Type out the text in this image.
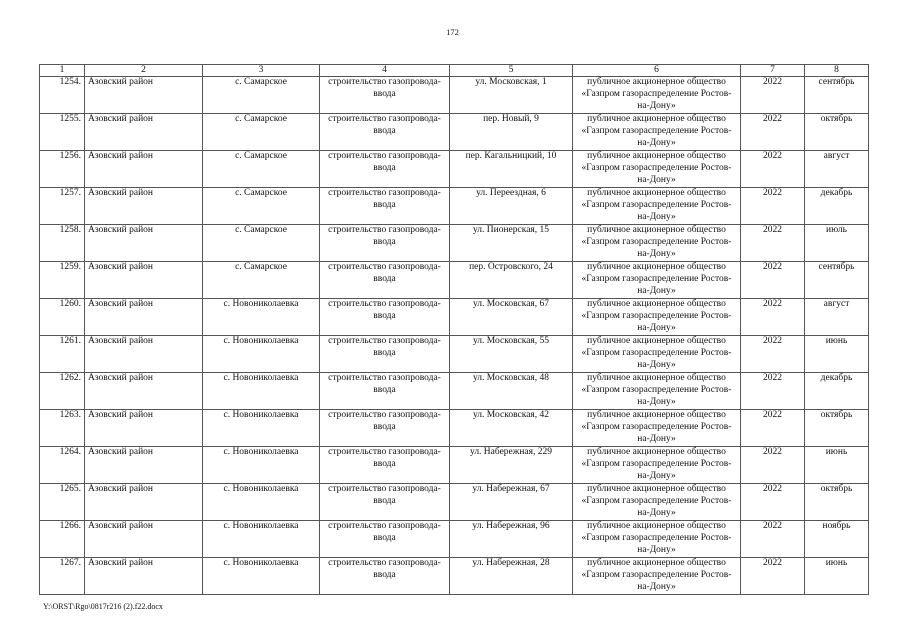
172
1	2	3	4	5	6	7	8
1254.	Азовский район	с. Самарское	строительство газопровода-ввода	ул. Московская, 1	публичное акционерное общество «Газпром газораспределение Ростов-на-Дону»	2022	сентябрь
1255.	Азовский район	с. Самарское	строительство газопровода-ввода	пер. Новый, 9	публичное акционерное общество «Газпром газораспределение Ростов-на-Дону»	2022	октябрь
1256.	Азовский район	с. Самарское	строительство газопровода-ввода	пер. Кагальницкий, 10	публичное акционерное общество «Газпром газораспределение Ростов-на-Дону»	2022	август
1257.	Азовский район	с. Самарское	строительство газопровода-ввода	ул. Переездная, 6	публичное акционерное общество «Газпром газораспределение Ростов-на-Дону»	2022	декабрь
1258.	Азовский район	с. Самарское	строительство газопровода-ввода	ул. Пионерская, 15	публичное акционерное общество «Газпром газораспределение Ростов-на-Дону»	2022	июль
1259.	Азовский район	с. Самарское	строительство газопровода-ввода	пер. Островского, 24	публичное акционерное общество «Газпром газораспределение Ростов-на-Дону»	2022	сентябрь
1260.	Азовский район	с. Новониколаевка	строительство газопровода-ввода	ул. Московская, 67	публичное акционерное общество «Газпром газораспределение Ростов-на-Дону»	2022	август
1261.	Азовский район	с. Новониколаевка	строительство газопровода-ввода	ул. Московская, 55	публичное акционерное общество «Газпром газораспределение Ростов-на-Дону»	2022	июнь
1262.	Азовский район	с. Новониколаевка	строительство газопровода-ввода	ул. Московская, 48	публичное акционерное общество «Газпром газораспределение Ростов-на-Дону»	2022	декабрь
1263.	Азовский район	с. Новониколаевка	строительство газопровода-ввода	ул. Московская, 42	публичное акционерное общество «Газпром газораспределение Ростов-на-Дону»	2022	октябрь
1264.	Азовский район	с. Новониколаевка	строительство газопровода-ввода	ул. Набережная, 229	публичное акционерное общество «Газпром газораспределение Ростов-на-Дону»	2022	июнь
1265.	Азовский район	с. Новониколаевка	строительство газопровода-ввода	ул. Набережная, 67	публичное акционерное общество «Газпром газораспределение Ростов-на-Дону»	2022	октябрь
1266.	Азовский район	с. Новониколаевка	строительство газопровода-ввода	ул. Набережная, 96	публичное акционерное общество «Газпром газораспределение Ростов-на-Дону»	2022	ноябрь
1267.	Азовский район	с. Новониколаевка	строительство газопровода-ввода	ул. Набережная, 28	публичное акционерное общество «Газпром газораспределение Ростов-на-Дону»	2022	июнь
Y:\ORST\Rgo\0817r216 (2).f22.docx
